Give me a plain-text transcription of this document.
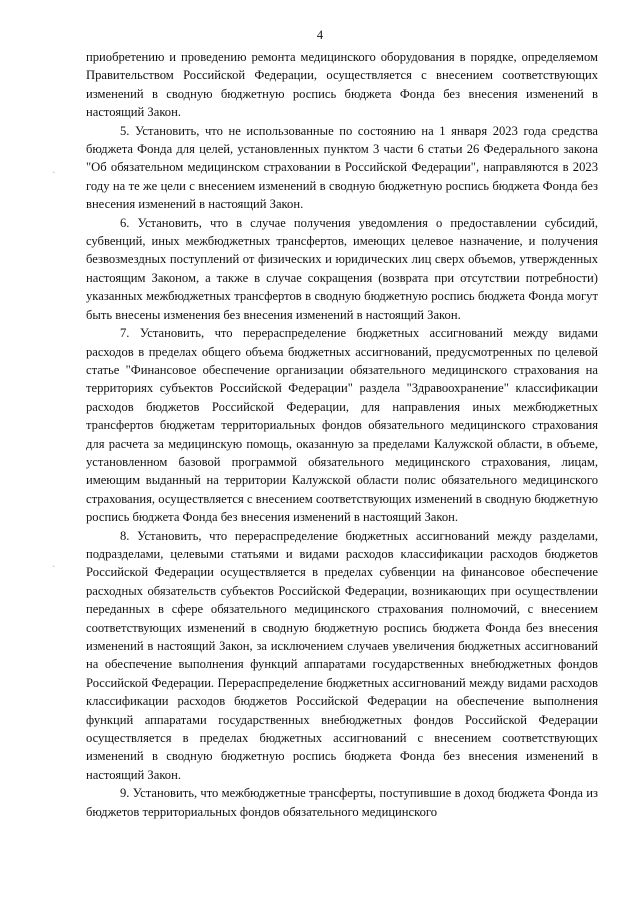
4
·
·

приобретению и проведению ремонта медицинского оборудования в порядке, определяемом Правительством Российской Федерации, осуществляется с внесением соответствующих изменений в сводную бюджетную роспись бюджета Фонда без внесения изменений в настоящий Закон.

5. Установить, что не использованные по состоянию на 1 января 2023 года средства бюджета Фонда для целей, установленных пунктом 3 части 6 статьи 26 Федерального закона "Об обязательном медицинском страховании в Российской Федерации", направляются в 2023 году на те же цели с внесением изменений в сводную бюджетную роспись бюджета Фонда без внесения изменений в настоящий Закон.

6. Установить, что в случае получения уведомления о предоставлении субсидий, субвенций, иных межбюджетных трансфертов, имеющих целевое назначение, и получения безвозмездных поступлений от физических и юридических лиц сверх объемов, утвержденных настоящим Законом, а также в случае сокращения (возврата при отсутствии потребности) указанных межбюджетных трансфертов в сводную бюджетную роспись бюджета Фонда могут быть внесены изменения без внесения изменений в настоящий Закон.

7. Установить, что перераспределение бюджетных ассигнований между видами расходов в пределах общего объема бюджетных ассигнований, предусмотренных по целевой статье "Финансовое обеспечение организации обязательного медицинского страхования на территориях субъектов Российской Федерации" раздела "Здравоохранение" классификации расходов бюджетов Российской Федерации, для направления иных межбюджетных трансфертов бюджетам территориальных фондов обязательного медицинского страхования для расчета за медицинскую помощь, оказанную за пределами Калужской области, в объеме, установленном базовой программой обязательного медицинского страхования, лицам, имеющим выданный на территории Калужской области полис обязательного медицинского страхования, осуществляется с внесением соответствующих изменений в сводную бюджетную роспись бюджета Фонда без внесения изменений в настоящий Закон.

8. Установить, что перераспределение бюджетных ассигнований между разделами, подразделами, целевыми статьями и видами расходов классификации расходов бюджетов Российской Федерации осуществляется в пределах субвенции на финансовое обеспечение расходных обязательств субъектов Российской Федерации, возникающих при осуществлении переданных в сфере обязательного медицинского страхования полномочий, с внесением соответствующих изменений в сводную бюджетную роспись бюджета Фонда без внесения изменений в настоящий Закон, за исключением случаев увеличения бюджетных ассигнований на обеспечение выполнения функций аппаратами государственных внебюджетных фондов Российской Федерации. Перераспределение бюджетных ассигнований между видами расходов классификации расходов бюджетов Российской Федерации на обеспечение выполнения функций аппаратами государственных внебюджетных фондов Российской Федерации осуществляется в пределах бюджетных ассигнований с внесением соответствующих изменений в сводную бюджетную роспись бюджета Фонда без внесения изменений в настоящий Закон.

9. Установить, что межбюджетные трансферты, поступившие в доход бюджета Фонда из бюджетов территориальных фондов обязательного медицинского
